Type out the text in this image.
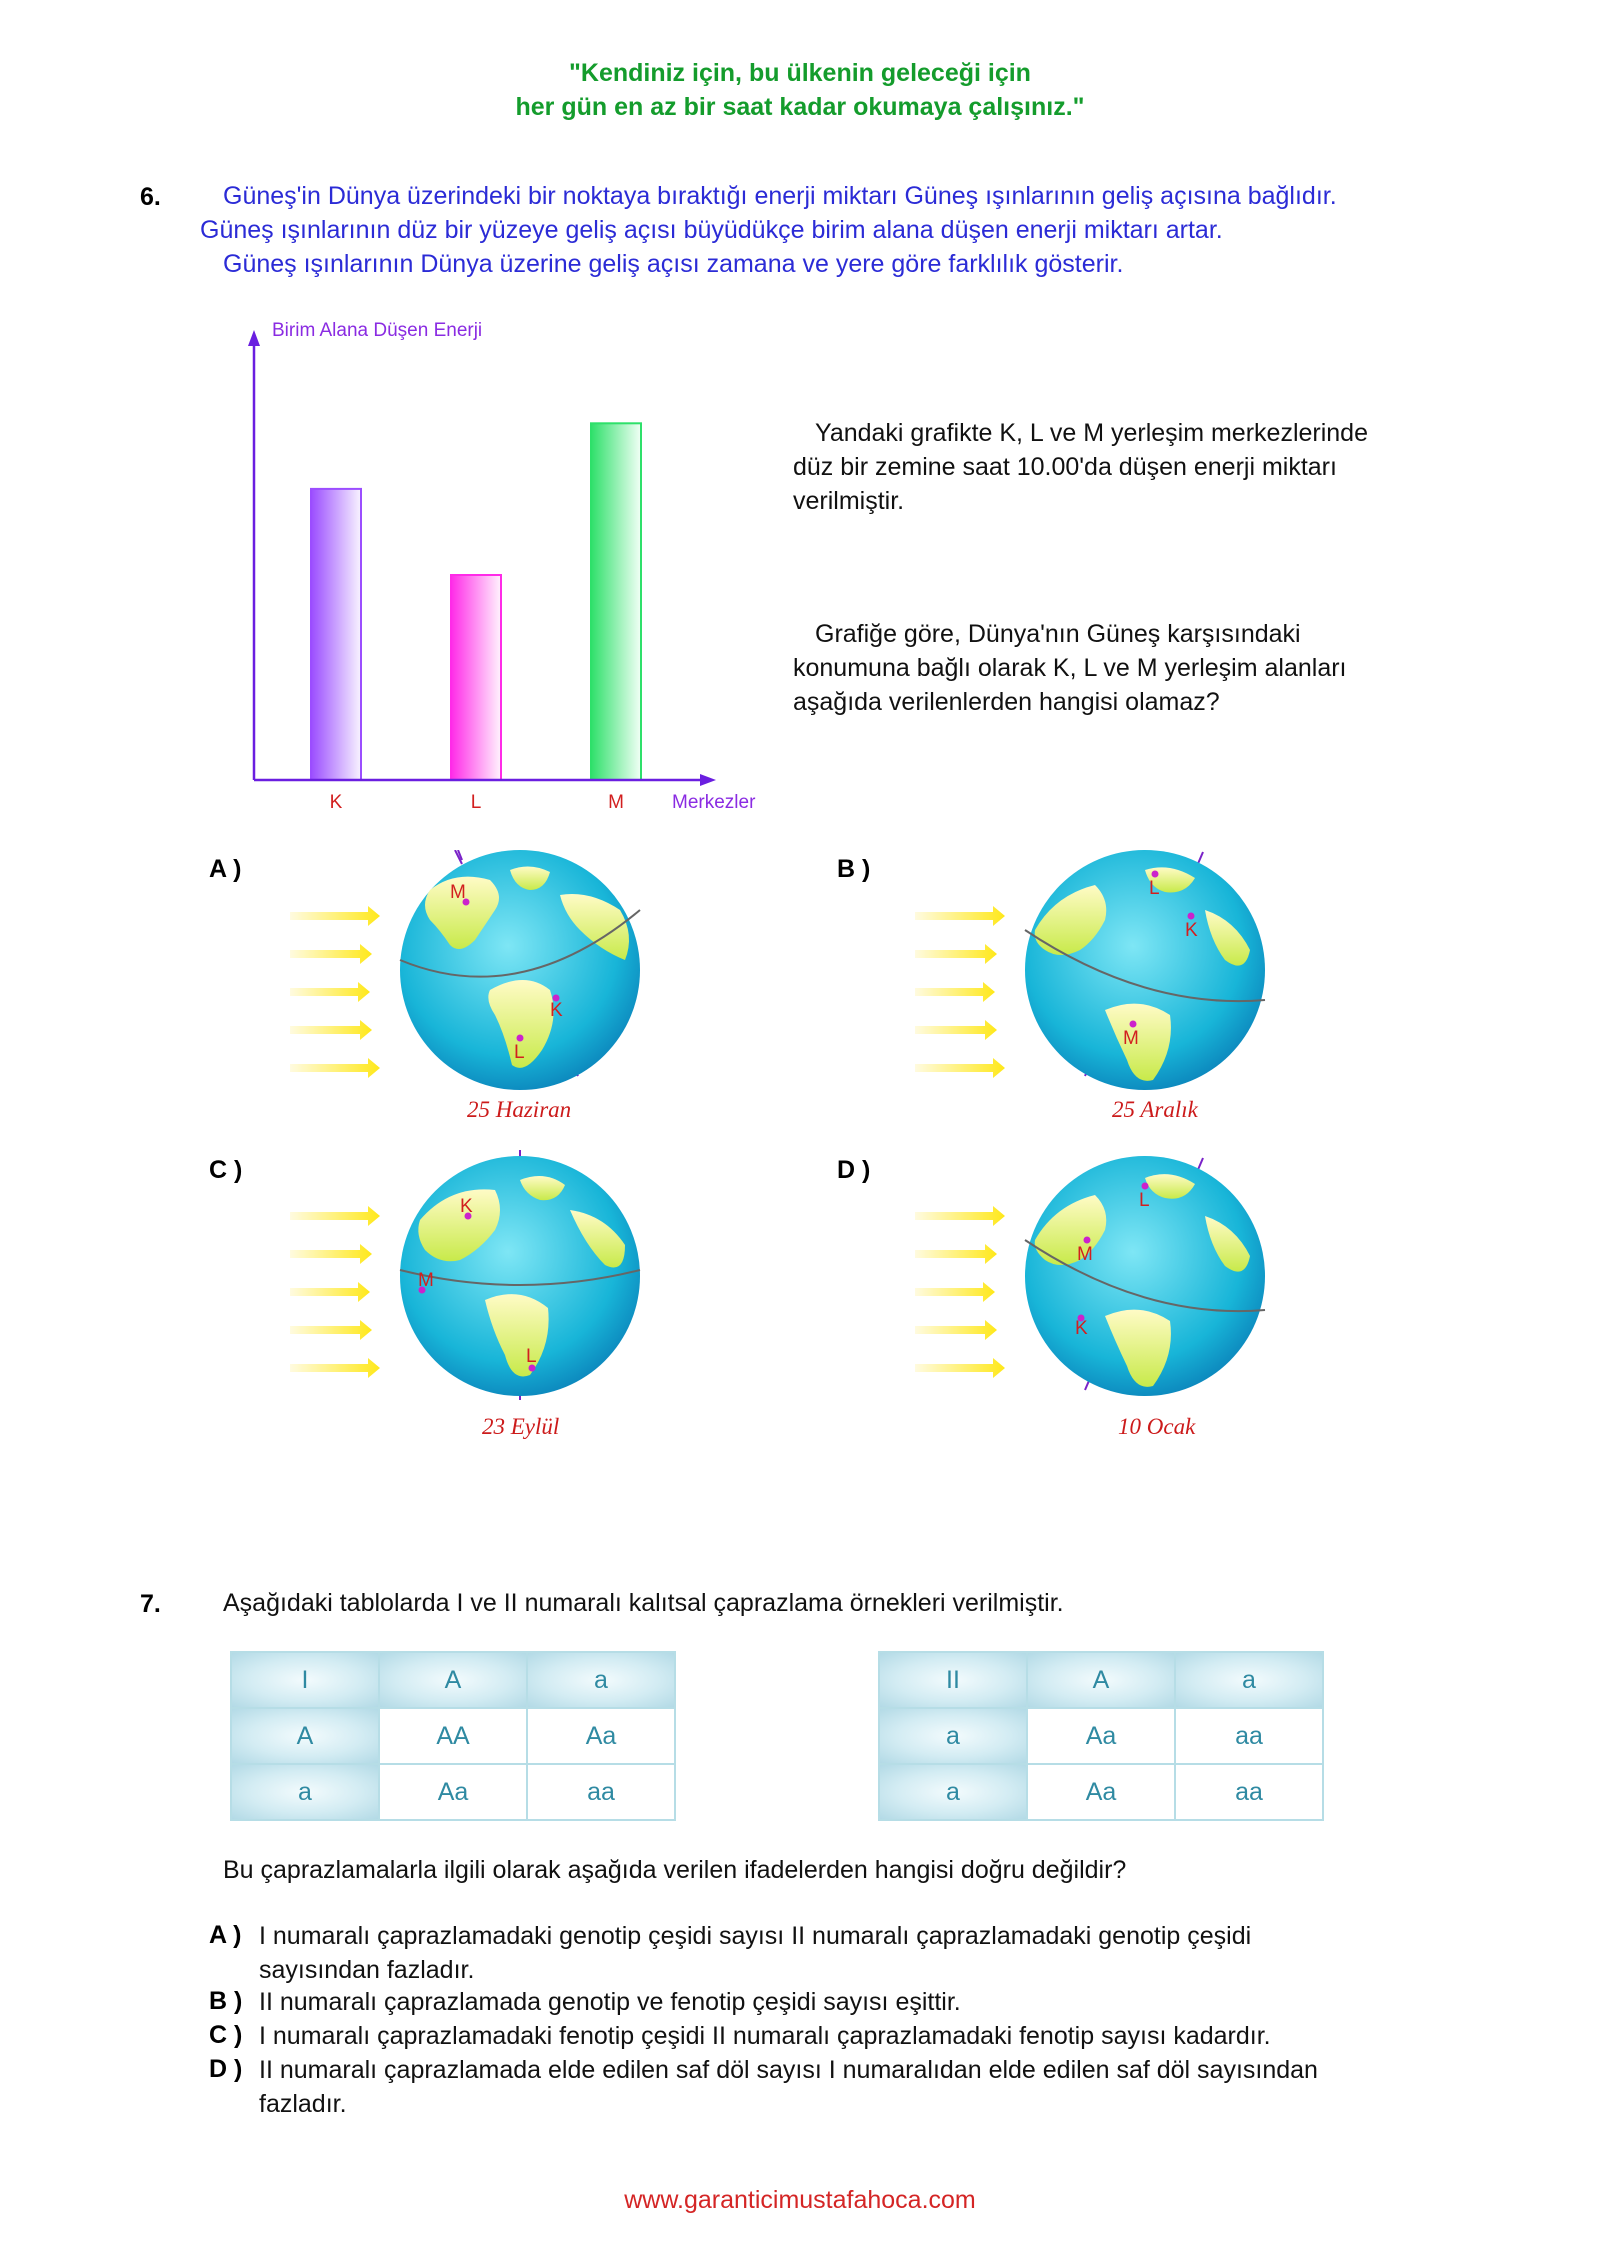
"Kendiniz için, bu ülkenin geleceği için
her gün en az bir saat kadar okumaya çalışınız."
6. Güneş'in Dünya üzerindeki bir noktaya bıraktığı enerji miktarı Güneş ışınlarının geliş açısına bağlıdır.
Güneş ışınlarının düz bir yüzeye geliş açısı büyüdükçe birim alana düşen enerji miktarı artar.
Güneş ışınlarının Dünya üzerine geliş açısı zamana ve yere göre farklılık gösterir.
Birim Alana Düşen Enerji
K	L	M	Merkezler
Yandaki grafikte K, L ve M yerleşim merkezlerinde
düz bir zemine saat 10.00'da düşen enerji miktarı
verilmiştir.
Grafiğe göre, Dünya'nın Güneş karşısındaki
konumuna bağlı olarak K, L ve M yerleşim alanları
aşağıda verilenlerden hangisi olamaz?
A )	B )
C )	D )
M
K
L
25 Haziran
L
K
M
25 Aralık
K
M
L
23 Eylül
L
M
K
10 Ocak
7. Aşağıdaki tablolarda I ve II numaralı kalıtsal çaprazlama örnekleri verilmiştir.
I	A	a
A	AA	Aa
a	Aa	aa
II	A	a
a	Aa	aa
a	Aa	aa
Bu çaprazlamalarla ilgili olarak aşağıda verilen ifadelerden hangisi doğru değildir?
A ) I numaralı çaprazlamadaki genotip çeşidi sayısı II numaralı çaprazlamadaki genotip çeşidi
sayısından fazladır.
B ) II numaralı çaprazlamada genotip ve fenotip çeşidi sayısı eşittir.
C ) I numaralı çaprazlamadaki fenotip çeşidi II numaralı çaprazlamadaki fenotip sayısı kadardır.
D ) II numaralı çaprazlamada elde edilen saf döl sayısı I numaralıdan elde edilen saf döl sayısından
fazladır.
www.garanticimustafahoca.com
